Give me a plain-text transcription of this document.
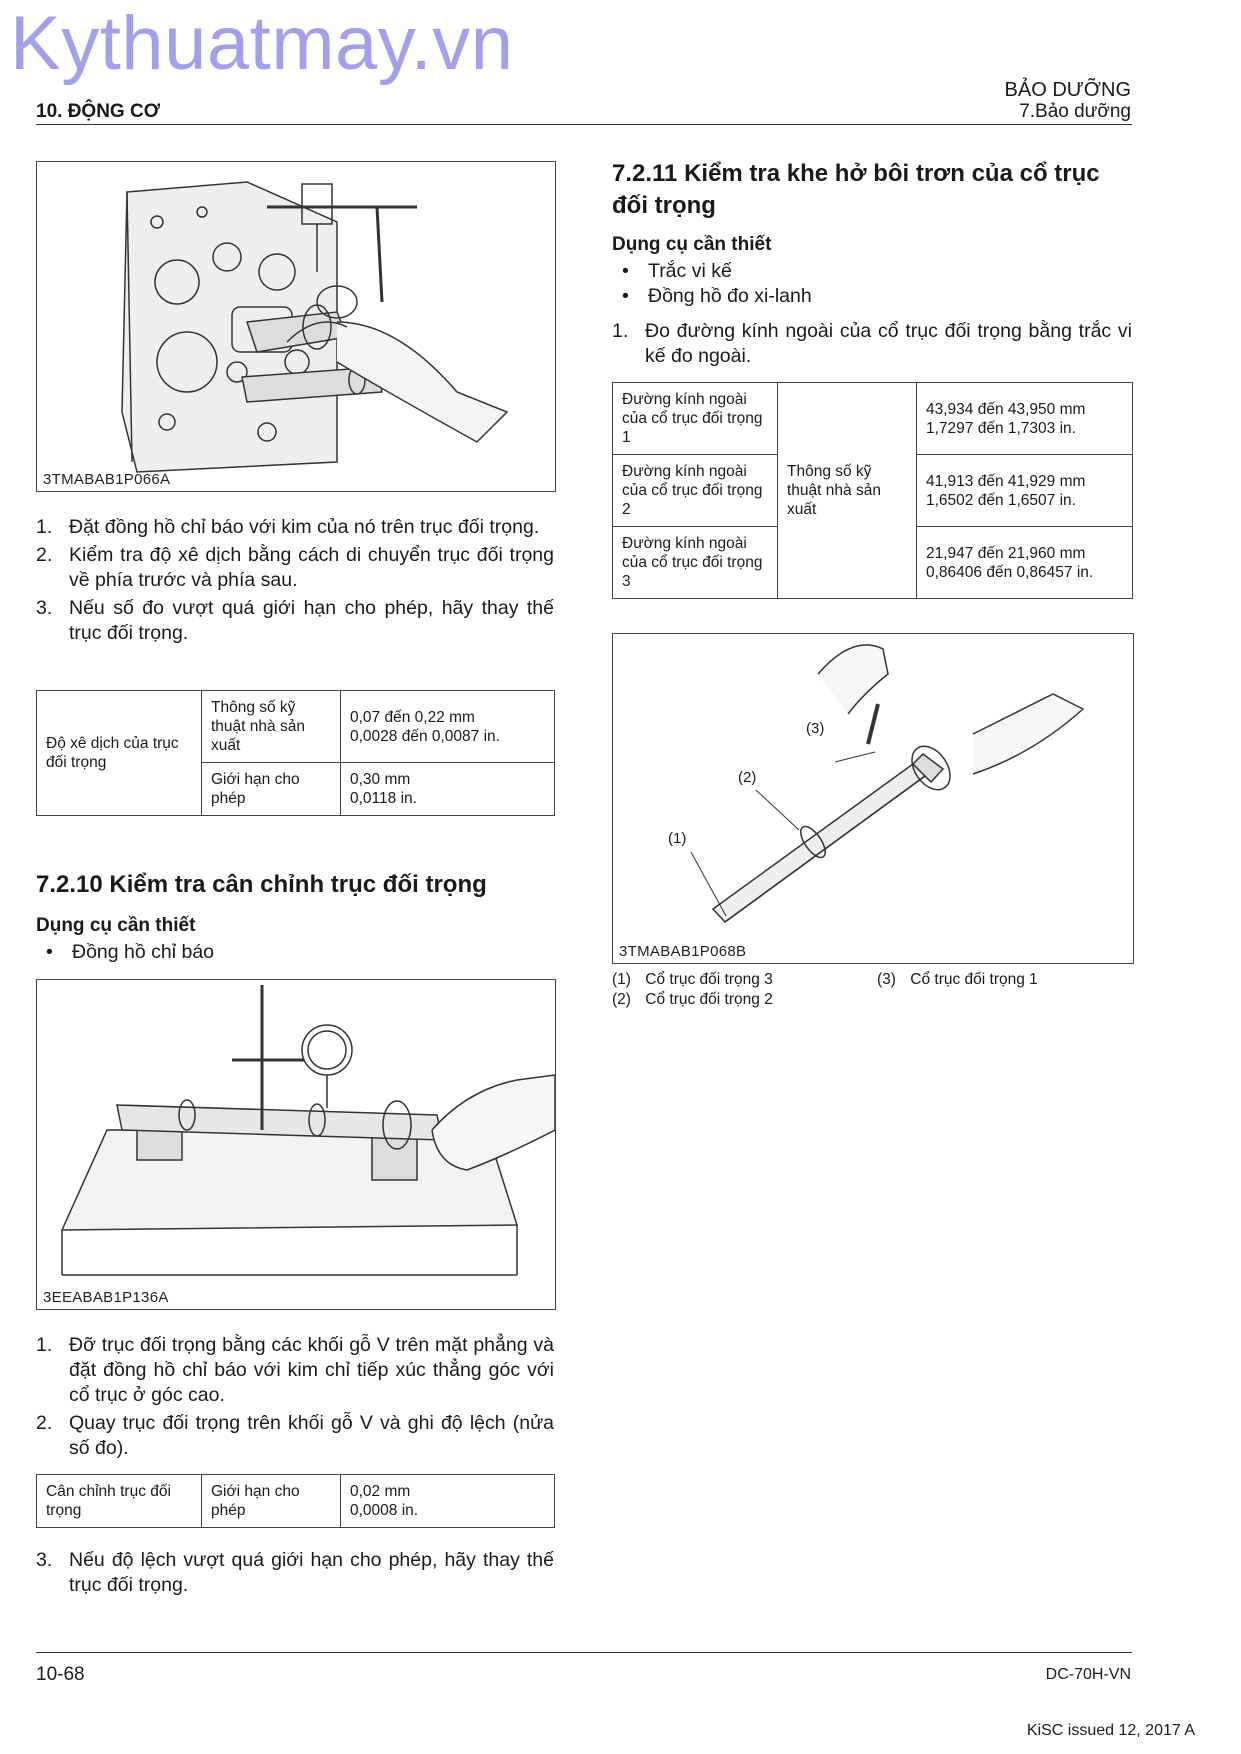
Kythuatmay.vn
10. ĐỘNG CƠ
BẢO DƯỠNG
7.Bảo dưỡng
3TMABAB1P066A
1. Đặt đồng hồ chỉ báo với kim của nó trên trục đối trọng.
2. Kiểm tra độ xê dịch bằng cách di chuyển trục đối trọng về phía trước và phía sau.
3. Nếu số đo vượt quá giới hạn cho phép, hãy thay thế trục đối trọng.
Độ xê dịch của trục đối trọng	Thông số kỹ thuật nhà sản xuất	0,07 đến 0,22 mm
0,0028 đến 0,0087 in.

	Giới hạn cho phép	0,30 mm
0,0118 in.
7.2.10 Kiểm tra cân chỉnh trục đối trọng
Dụng cụ cần thiết
• Đồng hồ chỉ báo
3EEABAB1P136A
1. Đỡ trục đối trọng bằng các khối gỗ V trên mặt phẳng và đặt đồng hồ chỉ báo với kim chỉ tiếp xúc thẳng góc với cổ trục ở góc cao.
2. Quay trục đối trọng trên khối gỗ V và ghi độ lệch (nửa số đo).
Cân chỉnh trục đối trọng	Giới hạn cho phép	
0,02 mm
0,0008 in.
3. Nếu độ lệch vượt quá giới hạn cho phép, hãy thay thế trục đối trọng.
7.2.11 Kiểm tra khe hở bôi trơn của cổ trục đối trọng
Dụng cụ cần thiết
• Trắc vi kế
• Đồng hồ đo xi-lanh
1. Đo đường kính ngoài của cổ trục đối trọng bằng trắc vi kế đo ngoài.
Đường kính ngoài của cổ trục đối trọng 1	Thông số kỹ thuật nhà sản xuất	43,934 đến 43,950 mm
1,7297 đến 1,7303 in.

Đường kính ngoài của cổ trục đối trọng 2		41,913 đến 41,929 mm
1,6502 đến 1,6507 in.

Đường kính ngoài của cổ trục đối trọng 3		21,947 đến 21,960 mm
0,86406 đến 0,86457 in.
(3)
(2)
(1)
3TMABAB1P068B
(1) Cổ trục đối trọng 3
(2) Cổ trục đối trọng 2
(3) Cổ trục đối trọng 1
10-68	DC-70H-VN
KiSC issued 12, 2017 A
